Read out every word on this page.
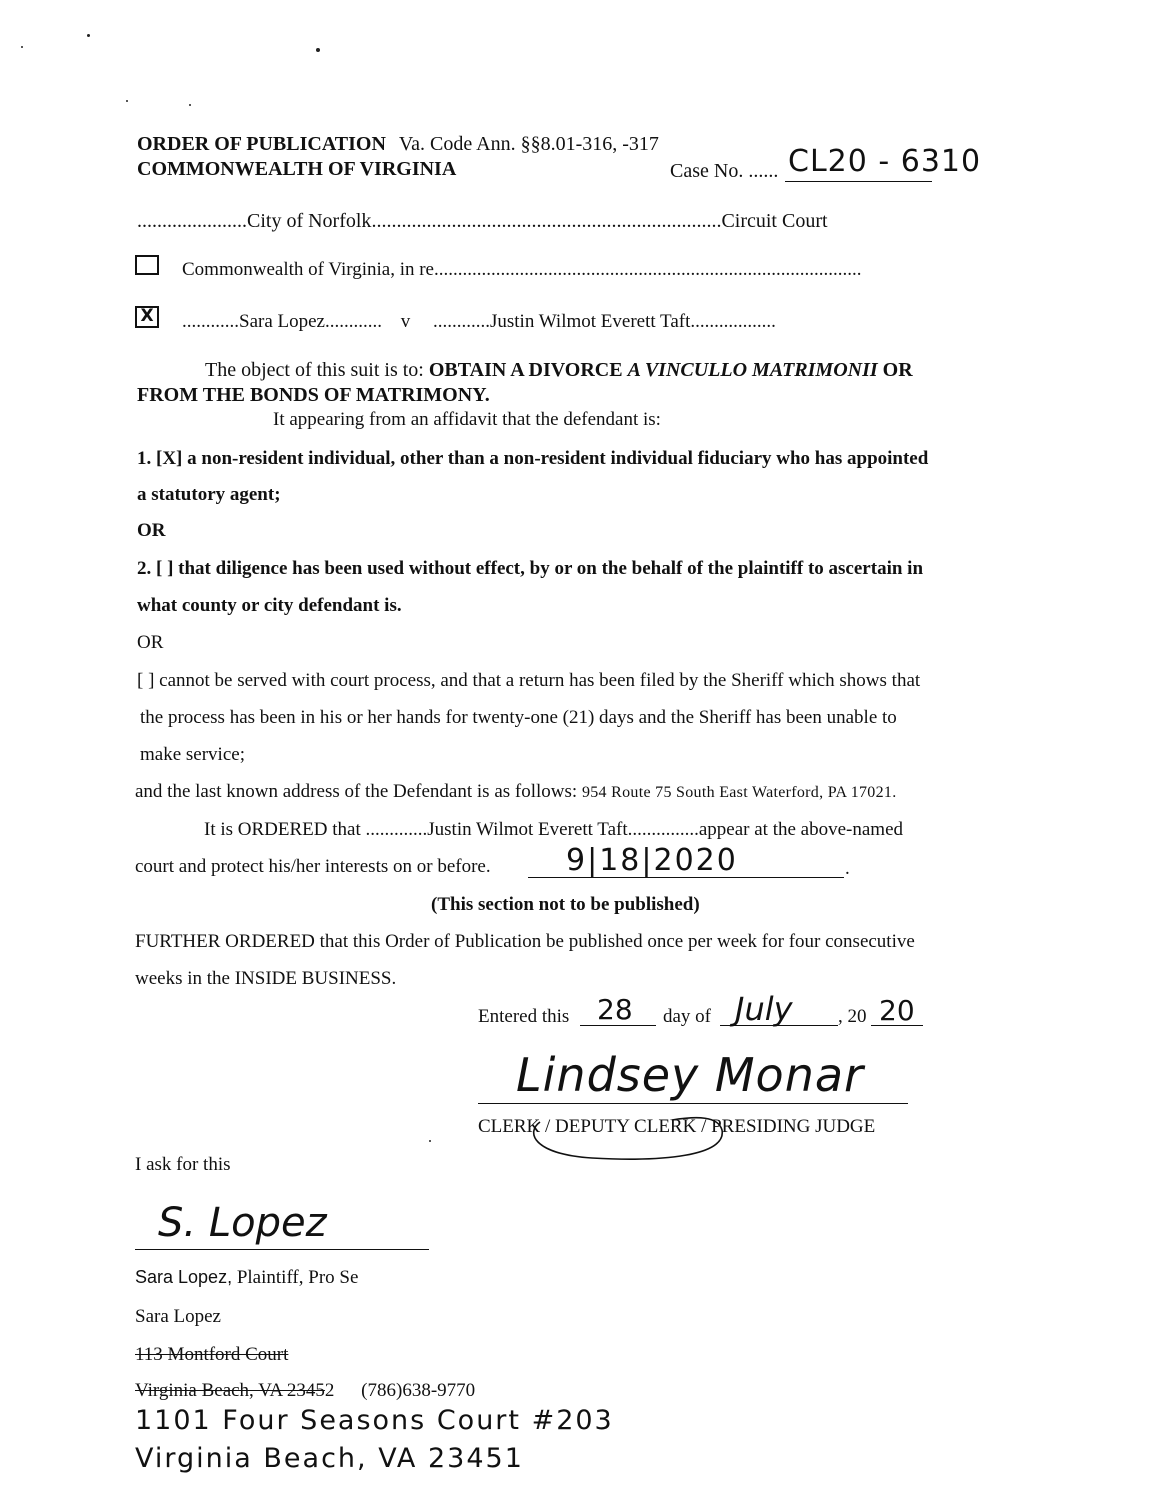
ORDER OF PUBLICATION Va. Code Ann. §§8.01-316, -317
COMMONWEALTH OF VIRGINIA	Case No. ...... CL20 - 6310
......................City of Norfolk......................................................................Circuit Court
Commonwealth of Virginia, in re..........................................................................................
X ............Sara Lopez............ v ............Justin Wilmot Everett Taft..................
The object of this suit is to: OBTAIN A DIVORCE A VINCULLO MATRIMONII OR
FROM THE BONDS OF MATRIMONY.
It appearing from an affidavit that the defendant is:
1. [X] a non-resident individual, other than a non-resident individual fiduciary who has appointed
a statutory agent;
OR
2. [ ] that diligence has been used without effect, by or on the behalf of the plaintiff to ascertain in
what county or city defendant is.
OR
[ ] cannot be served with court process, and that a return has been filed by the Sheriff which shows that
the process has been in his or her hands for twenty-one (21) days and the Sheriff has been unable to
make service;
and the last known address of the Defendant is as follows: 954 Route 75 South East Waterford, PA 17021.
It is ORDERED that .............Justin Wilmot Everett Taft...............appear at the above-named
court and protect his/her interests on or before.	9|18|2020	.
(This section not to be published)
FURTHER ORDERED that this Order of Publication be published once per week for four consecutive
weeks in the INSIDE BUSINESS.
Entered this 28 day of July , 20 20
Lindsey Monar
CLERK / DEPUTY CLERK / PRESIDING JUDGE
I ask for this
S. Lopez
Sara Lopez, Plaintiff, Pro Se
Sara Lopez
113 Montford Court
Virginia Beach, VA 23452 (786)638-9770
1101 Four Seasons Court #203
Virginia Beach, VA 23451
